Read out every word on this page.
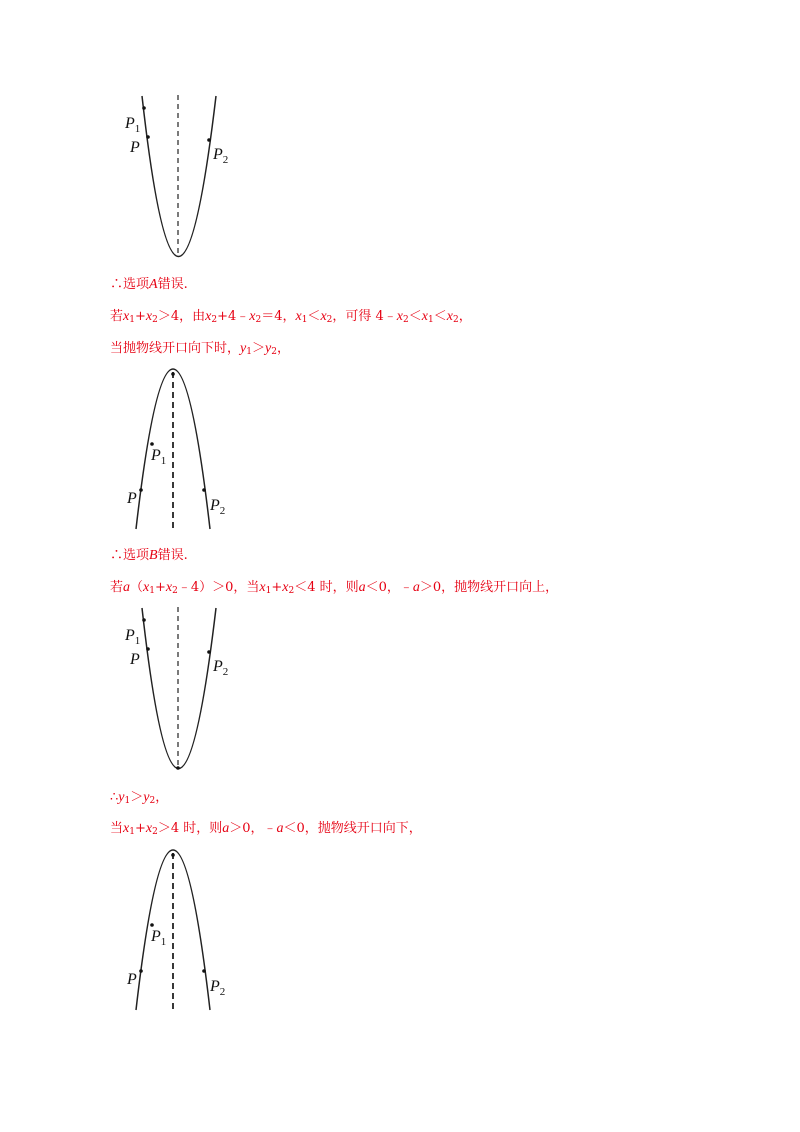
$P_1$
P	$P_2$

∴选项A错误.

若$x_1+x_2>4$，由$x_2+4﹣x_2=4$，$x_1<x_2$，可得 $4﹣x_2<x_1<x_2$，

当抛物线开口向下时，$y_1>y_2$，

$P_1$
P	$P_2$

∴选项B错误.

若$a(x_1+x_2﹣4)>0$，当$x_1+x_2<4$ 时，则a＜0，﹣a＞0，抛物线开口向上，

$P_1$
P	$P_2$

$\therefore y_1>y_2$，

当$x_1+x_2>4$ 时，则a＞0，﹣a＜0，抛物线开口向下，

$P_1$
P	$P_2$
